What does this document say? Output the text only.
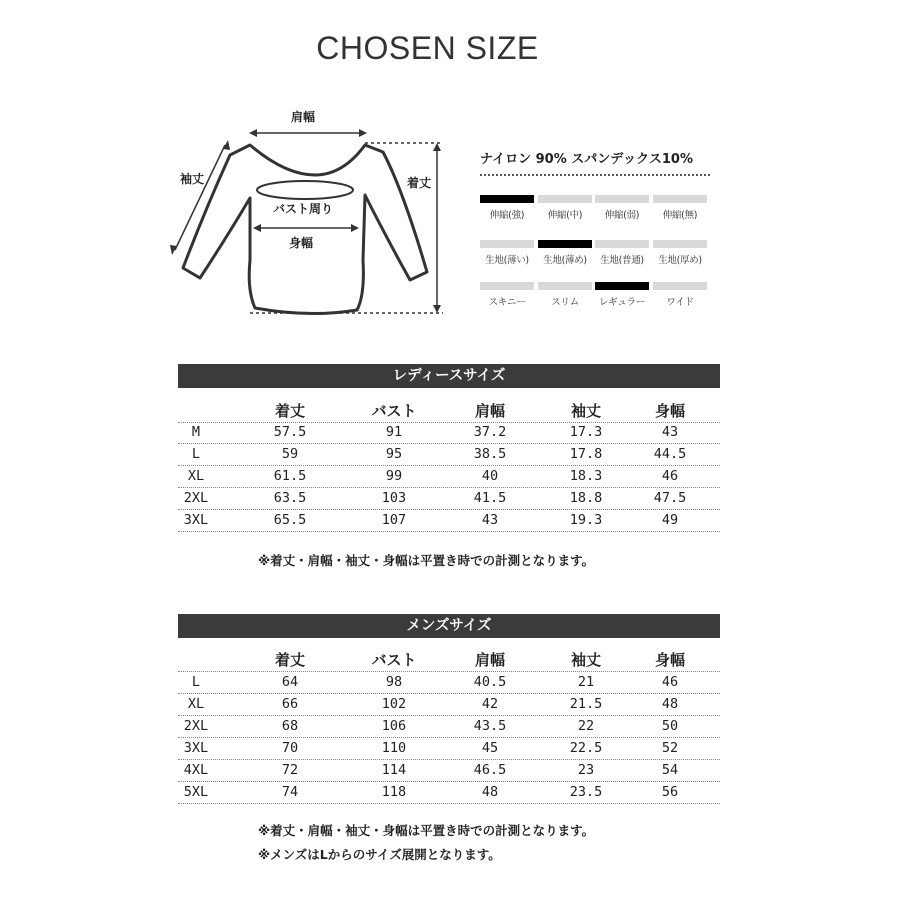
CHOSEN SIZE
肩幅
袖丈	着丈
バスト周り
身幅
ナイロン 90% スパンデックス10%
伸縮(強)	伸縮(中)	伸縮(弱)	伸縮(無)
生地(薄い)	生地(薄め)	生地(普通)	生地(厚め)
スキニー	スリム	レギュラー	ワイド
レディースサイズ
着丈	バスト	肩幅	袖丈	身幅
M	57.5	91	37.2	17.3	43
L	59	95	38.5	17.8	44.5
XL	61.5	99	40	18.3	46
2XL	63.5	103	41.5	18.8	47.5
3XL	65.5	107	43	19.3	49
※着丈・肩幅・袖丈・身幅は平置き時での計測となります。
メンズサイズ
着丈	バスト	肩幅	袖丈	身幅
L	64	98	40.5	21	46
XL	66	102	42	21.5	48
2XL	68	106	43.5	22	50
3XL	70	110	45	22.5	52
4XL	72	114	46.5	23	54
5XL	74	118	48	23.5	56
※着丈・肩幅・袖丈・身幅は平置き時での計測となります。
※メンズはLからのサイズ展開となります。
